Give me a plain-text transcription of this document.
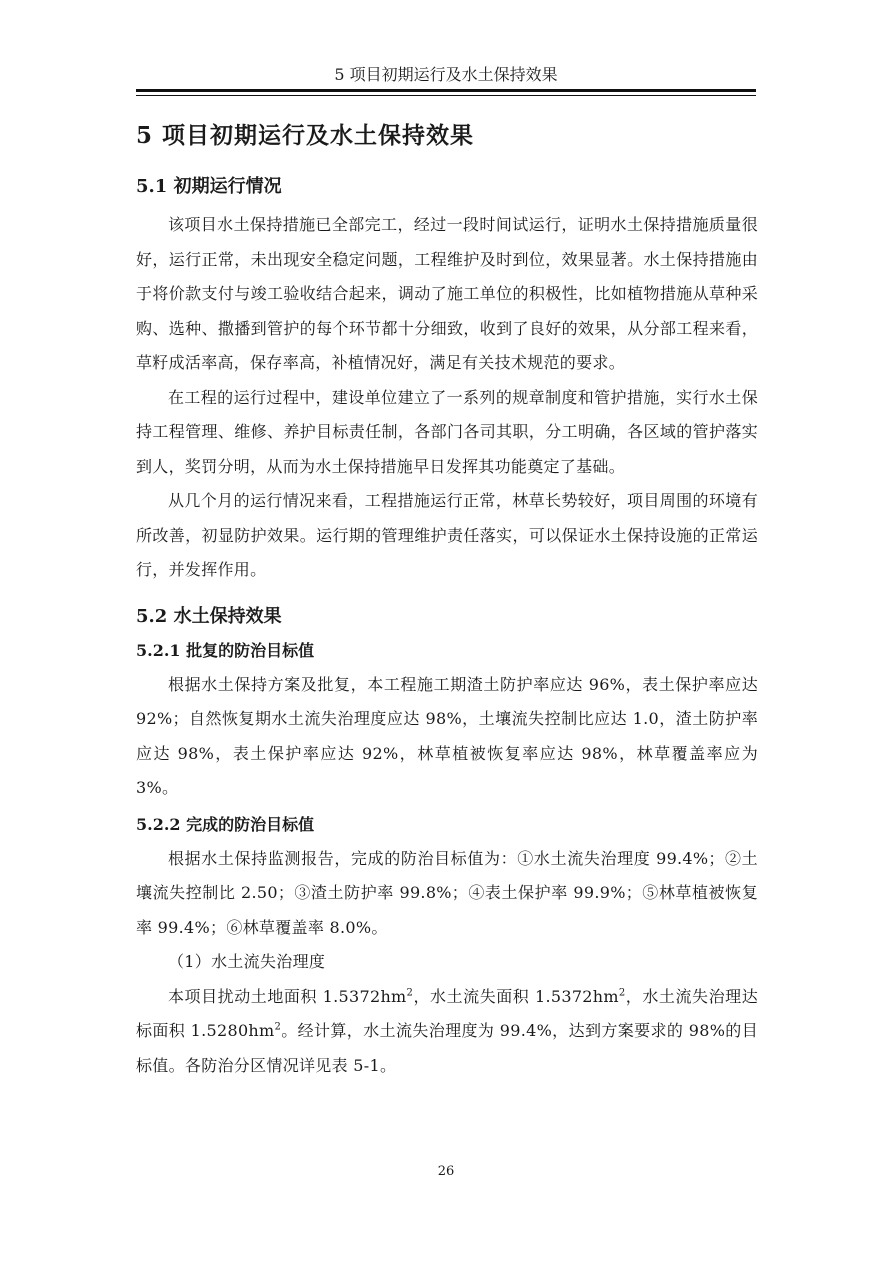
5 项目初期运行及水土保持效果
5 项目初期运行及水土保持效果
5.1 初期运行情况

该项目水土保持措施已全部完工，经过一段时间试运行，证明水土保持措施质量很好，运行正常，未出现安全稳定问题，工程维护及时到位，效果显著。水土保持措施由于将价款支付与竣工验收结合起来，调动了施工单位的积极性，比如植物措施从草种采购、选种、撒播到管护的每个环节都十分细致，收到了良好的效果，从分部工程来看，草籽成活率高，保存率高，补植情况好，满足有关技术规范的要求。

在工程的运行过程中，建设单位建立了一系列的规章制度和管护措施，实行水土保持工程管理、维修、养护目标责任制，各部门各司其职，分工明确，各区域的管护落实到人，奖罚分明，从而为水土保持措施早日发挥其功能奠定了基础。

从几个月的运行情况来看，工程措施运行正常，林草长势较好，项目周围的环境有所改善，初显防护效果。运行期的管理维护责任落实，可以保证水土保持设施的正常运行，并发挥作用。

5.2 水土保持效果
5.2.1 批复的防治目标值

根据水土保持方案及批复，本工程施工期渣土防护率应达 96%，表土保护率应达 92%；自然恢复期水土流失治理度应达 98%，土壤流失控制比应达 1.0，渣土防护率应达 98%，表土保护率应达 92%，林草植被恢复率应达 98%，林草覆盖率应为 3%。

5.2.2 完成的防治目标值

根据水土保持监测报告，完成的防治目标值为：①水土流失治理度 99.4%；②土壤流失控制比 2.50；③渣土防护率 99.8%；④表土保护率 99.9%；⑤林草植被恢复率 99.4%；⑥林草覆盖率 8.0%。

（1）水土流失治理度

本项目扰动土地面积 $1.5372hm^2$，水土流失面积 $1.5372hm^2$，水土流失治理达标面积 $1.5280hm^2$。经计算，水土流失治理度为 99.4%，达到方案要求的 98%的目标值。各防治分区情况详见表 5-1。

26
